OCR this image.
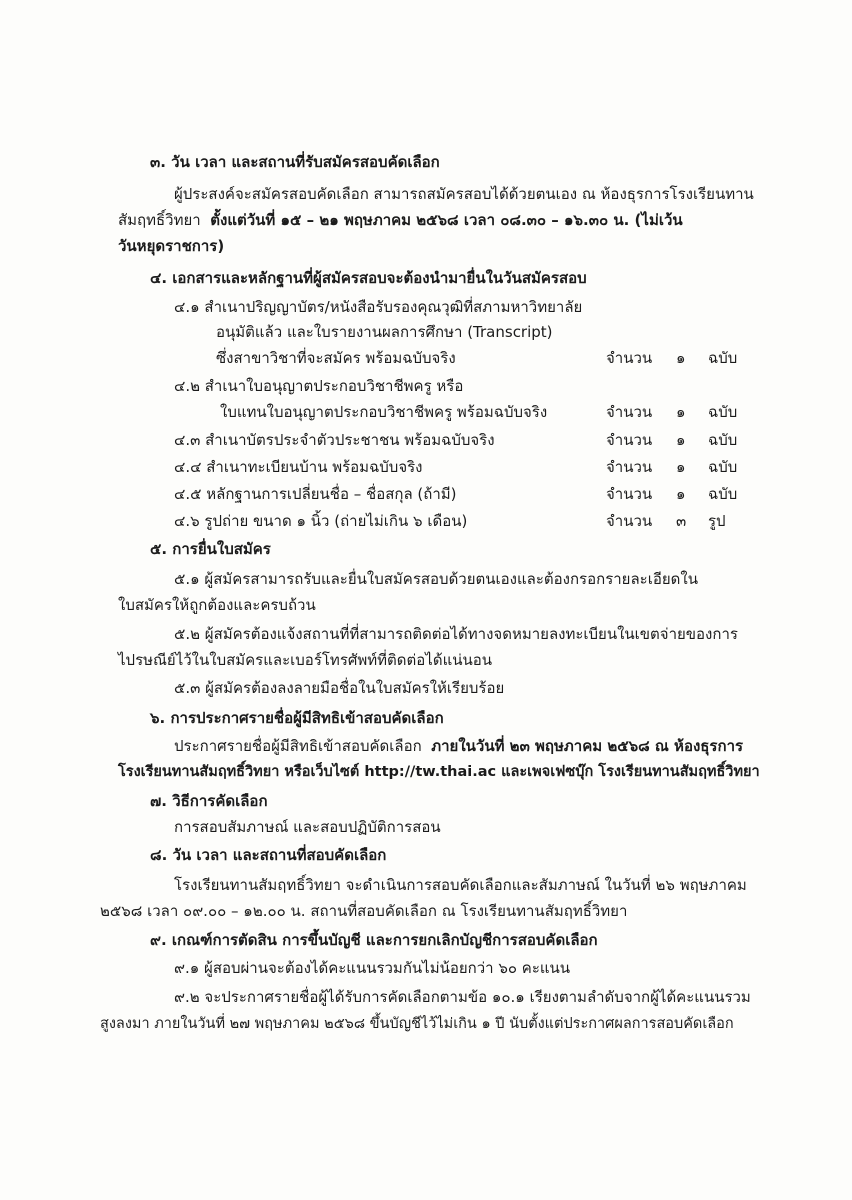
๓. วัน เวลา และสถานที่รับสมัครสอบคัดเลือก
ผู้ประสงค์จะสมัครสอบคัดเลือก สามารถสมัครสอบได้ด้วยตนเอง ณ ห้องธุรการโรงเรียนทาน
สัมฤทธิ์วิทยา ตั้งแต่วันที่ ๑๕ – ๒๑ พฤษภาคม ๒๕๖๘ เวลา ๐๘.๓๐ – ๑๖.๓๐ น. (ไม่เว้น
วันหยุดราชการ)
๔. เอกสารและหลักฐานที่ผู้สมัครสอบจะต้องนำมายื่นในวันสมัครสอบ
๔.๑ สำเนาปริญญาบัตร/หนังสือรับรองคุณวุฒิที่สภามหาวิทยาลัย
อนุมัติแล้ว และใบรายงานผลการศึกษา (Transcript)
ซึ่งสาขาวิชาที่จะสมัคร พร้อมฉบับจริง	จำนวน ๑ ฉบับ
๔.๒ สำเนาใบอนุญาตประกอบวิชาชีพครู หรือ
ใบแทนใบอนุญาตประกอบวิชาชีพครู พร้อมฉบับจริง	จำนวน ๑ ฉบับ
๔.๓ สำเนาบัตรประจำตัวประชาชน พร้อมฉบับจริง	จำนวน ๑ ฉบับ
๔.๔ สำเนาทะเบียนบ้าน พร้อมฉบับจริง	จำนวน ๑ ฉบับ
๔.๕ หลักฐานการเปลี่ยนชื่อ – ชื่อสกุล (ถ้ามี)	จำนวน ๑ ฉบับ
๔.๖ รูปถ่าย ขนาด ๑ นิ้ว (ถ่ายไม่เกิน ๖ เดือน)	จำนวน ๓ รูป
๕. การยื่นใบสมัคร
๕.๑ ผู้สมัครสามารถรับและยื่นใบสมัครสอบด้วยตนเองและต้องกรอกรายละเอียดใน
ใบสมัครให้ถูกต้องและครบถ้วน
๕.๒ ผู้สมัครต้องแจ้งสถานที่ที่สามารถติดต่อได้ทางจดหมายลงทะเบียนในเขตจ่ายของการ
ไปรษณีย์ไว้ในใบสมัครและเบอร์โทรศัพท์ที่ติดต่อได้แน่นอน
๕.๓ ผู้สมัครต้องลงลายมือชื่อในใบสมัครให้เรียบร้อย
๖. การประกาศรายชื่อผู้มีสิทธิเข้าสอบคัดเลือก
ประกาศรายชื่อผู้มีสิทธิเข้าสอบคัดเลือก ภายในวันที่ ๒๓ พฤษภาคม ๒๕๖๘ ณ ห้องธุรการ
โรงเรียนทานสัมฤทธิ์วิทยา หรือเว็บไซต์ http://tw.thai.ac และเพจเฟซบุ๊ก โรงเรียนทานสัมฤทธิ์วิทยา
๗. วิธีการคัดเลือก
การสอบสัมภาษณ์ และสอบปฏิบัติการสอน
๘. วัน เวลา และสถานที่สอบคัดเลือก
โรงเรียนทานสัมฤทธิ์วิทยา จะดำเนินการสอบคัดเลือกและสัมภาษณ์ ในวันที่ ๒๖ พฤษภาคม
๒๕๖๘ เวลา ๐๙.๐๐ – ๑๒.๐๐ น. สถานที่สอบคัดเลือก ณ โรงเรียนทานสัมฤทธิ์วิทยา
๙. เกณฑ์การตัดสิน การขึ้นบัญชี และการยกเลิกบัญชีการสอบคัดเลือก
๙.๑ ผู้สอบผ่านจะต้องได้คะแนนรวมกันไม่น้อยกว่า ๖๐ คะแนน
๙.๒ จะประกาศรายชื่อผู้ได้รับการคัดเลือกตามข้อ ๑๐.๑ เรียงตามลำดับจากผู้ได้คะแนนรวม
สูงลงมา ภายในวันที่ ๒๗ พฤษภาคม ๒๕๖๘ ขึ้นบัญชีไว้ไม่เกิน ๑ ปี นับตั้งแต่ประกาศผลการสอบคัดเลือก
